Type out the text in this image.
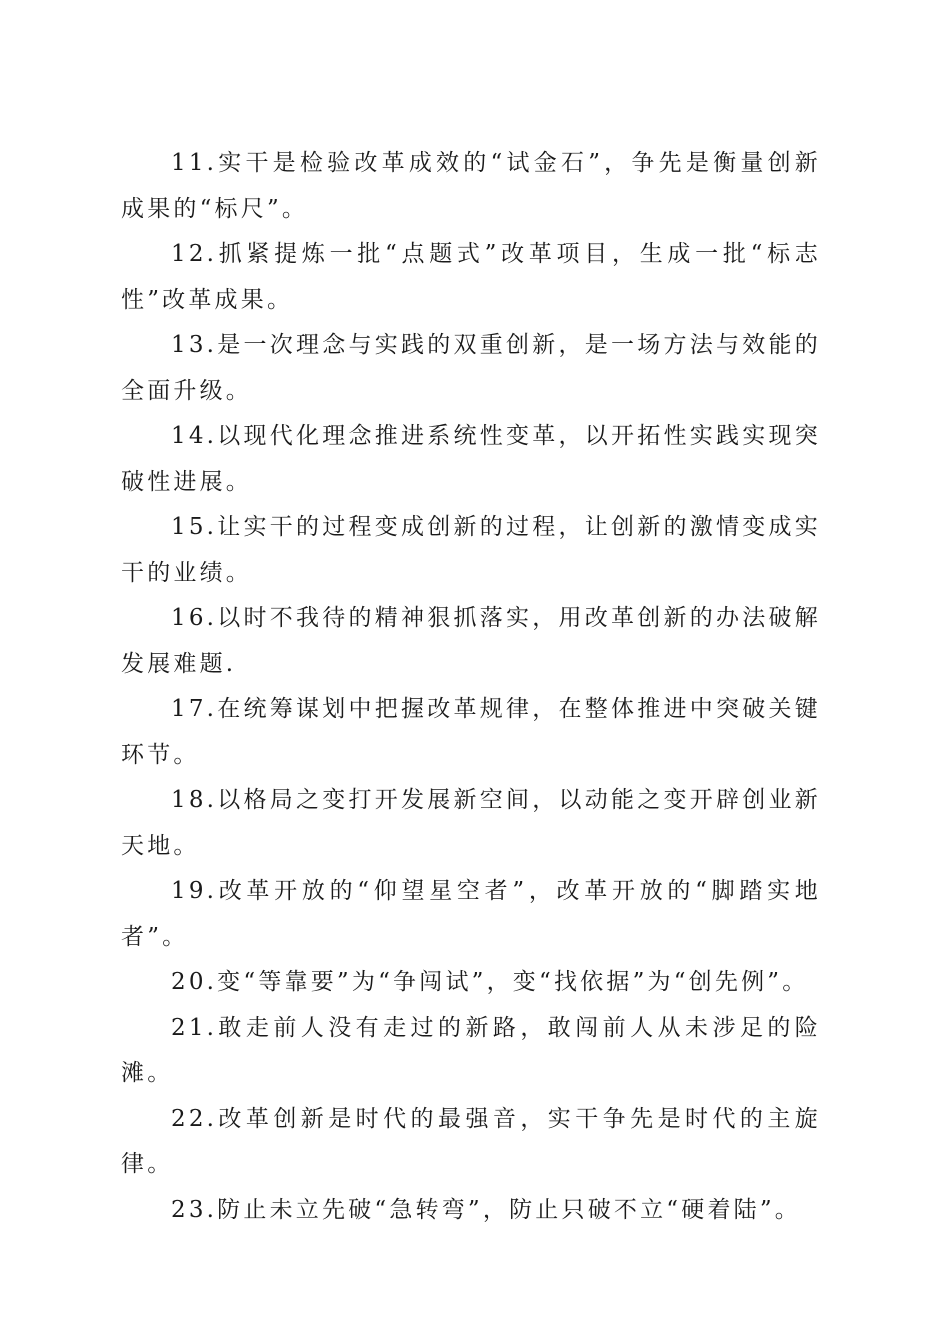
11.实干是检验改革成效的“试金石”，争先是衡量创新成果的“标尺”。

12.抓紧提炼一批“点题式”改革项目，生成一批“标志性”改革成果。

13.是一次理念与实践的双重创新，是一场方法与效能的全面升级。

14.以现代化理念推进系统性变革，以开拓性实践实现突破性进展。

15.让实干的过程变成创新的过程，让创新的激情变成实干的业绩。

16.以时不我待的精神狠抓落实，用改革创新的办法破解发展难题.

17.在统筹谋划中把握改革规律，在整体推进中突破关键环节。

18.以格局之变打开发展新空间，以动能之变开辟创业新天地。

19.改革开放的“仰望星空者”，改革开放的“脚踏实地者”。

20.变“等靠要”为“争闯试”，变“找依据”为“创先例”。

21.敢走前人没有走过的新路，敢闯前人从未涉足的险滩。

22.改革创新是时代的最强音，实干争先是时代的主旋律。

23.防止未立先破“急转弯”，防止只破不立“硬着陆”。
